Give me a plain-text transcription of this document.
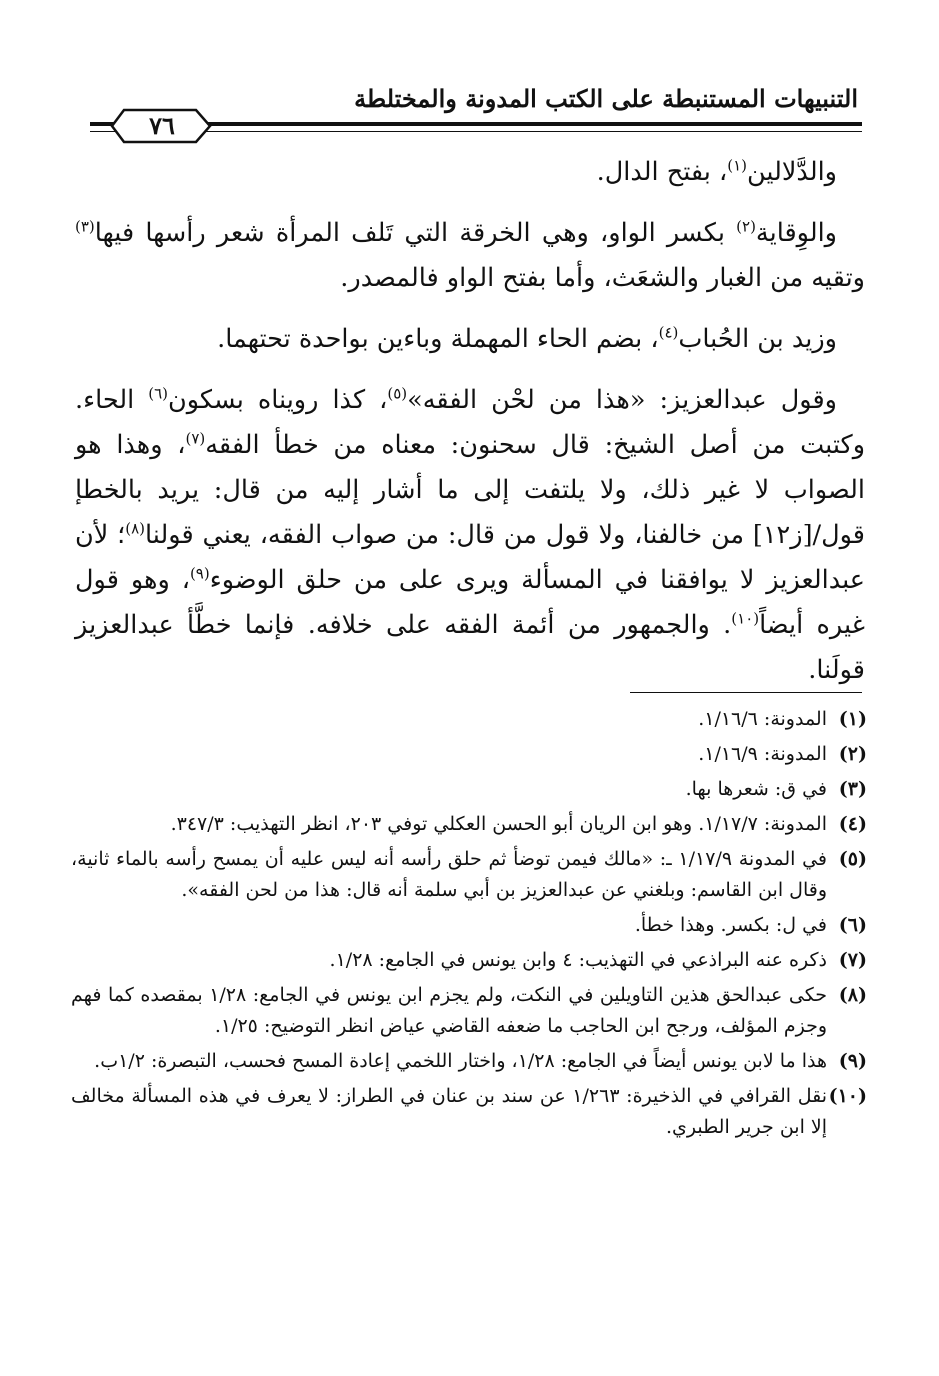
التنبيهات المستنبطة على الكتب المدونة والمختلطة
٧٦

والدَّلالين$^{(١)}$، بفتح الدال.

والوِقاية$^{(٢)}$ بكسر الواو، وهي الخرقة التي تَلف المرأة شعر رأسها فيها$^{(٣)}$ وتقيه من الغبار والشعَث، وأما بفتح الواو فالمصدر.

وزيد بن الحُباب$^{(٤)}$، بضم الحاء المهملة وباءين بواحدة تحتهما.

وقول عبدالعزيز: «هذا من لحْن الفقه»$^{(٥)}$، كذا رويناه بسكون$^{(٦)}$ الحاء. وكتبت من أصل الشيخ: قال سحنون: معناه من خطأ الفقه$^{(٧)}$، وهذا هو الصواب لا غير ذلك، ولا يلتفت إلى ما أشار إليه من قال: يريد بالخطإ قول/[ز١٢] من خالفنا، ولا قول من قال: من صواب الفقه، يعني قولنا$^{(٨)}$؛ لأن عبدالعزيز لا يوافقنا في المسألة ويرى على من حلق الوضوء$^{(٩)}$، وهو قول غيره أيضاً$^{(١٠)}$. والجمهور من أئمة الفقه على خلافه. فإنما خطَّأ عبدالعزيز قولَنا.

(١)
المدونة: ١/١٦/٦.
(٢)
المدونة: ١/١٦/٩.
(٣)
في ق: شعرها بها.
(٤)
المدونة: ١/١٧/٧. وهو ابن الريان أبو الحسن العكلي توفي ٢٠٣، انظر التهذيب: ٣٤٧/٣.
(٥)
في المدونة ١/١٧/٩ ـ: «مالك فيمن توضأ ثم حلق رأسه أنه ليس عليه أن يمسح رأسه بالماء ثانية، وقال ابن القاسم: وبلغني عن عبدالعزيز بن أبي سلمة أنه قال: هذا من لحن الفقه».
(٦)
في ل: بكسر. وهذا خطأ.
(٧)
ذكره عنه البراذعي في التهذيب: ٤ وابن يونس في الجامع: ١/٢٨.
(٨)
حكى عبدالحق هذين التاويلين في النكت، ولم يجزم ابن يونس في الجامع: ١/٢٨ بمقصده كما فهم وجزم المؤلف، ورجح ابن الحاجب ما ضعفه القاضي عياض انظر التوضيح: ١/٢٥.
(٩)
هذا ما لابن يونس أيضاً في الجامع: ١/٢٨، واختار اللخمي إعادة المسح فحسب، التبصرة: ١/٢ب.
(١٠)
نقل القرافي في الذخيرة: ١/٢٦٣ عن سند بن عنان في الطراز: لا يعرف في هذه المسألة مخالف إلا ابن جرير الطبري.
